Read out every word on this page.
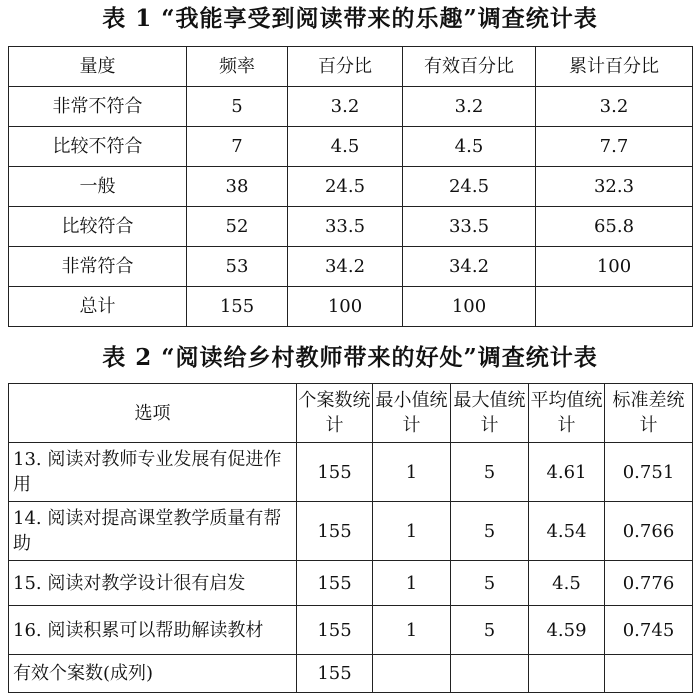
表 1 “我能享受到阅读带来的乐趣”调查统计表
量度	频率	百分比	有效百分比	累计百分比
非常不符合	5	3.2	3.2	3.2
比较不符合	7	4.5	4.5	7.7
一般	38	24.5	24.5	32.3
比较符合	52	33.5	33.5	65.8
非常符合	53	34.2	34.2	100
总计	155	100	100	
表 2 “阅读给乡村教师带来的好处”调查统计表
选项	个案数统计	最小值统计	最大值统计	平均值统计	标准差统计
13. 阅读对教师专业发展有促进作用	155	1	5	4.61	0.751
14. 阅读对提高课堂教学质量有帮助	155	1	5	4.54	0.766
15. 阅读对教学设计很有启发	155	1	5	4.5	0.776
16. 阅读积累可以帮助解读教材	155	1	5	4.59	0.745
有效个案数(成列)	155				
